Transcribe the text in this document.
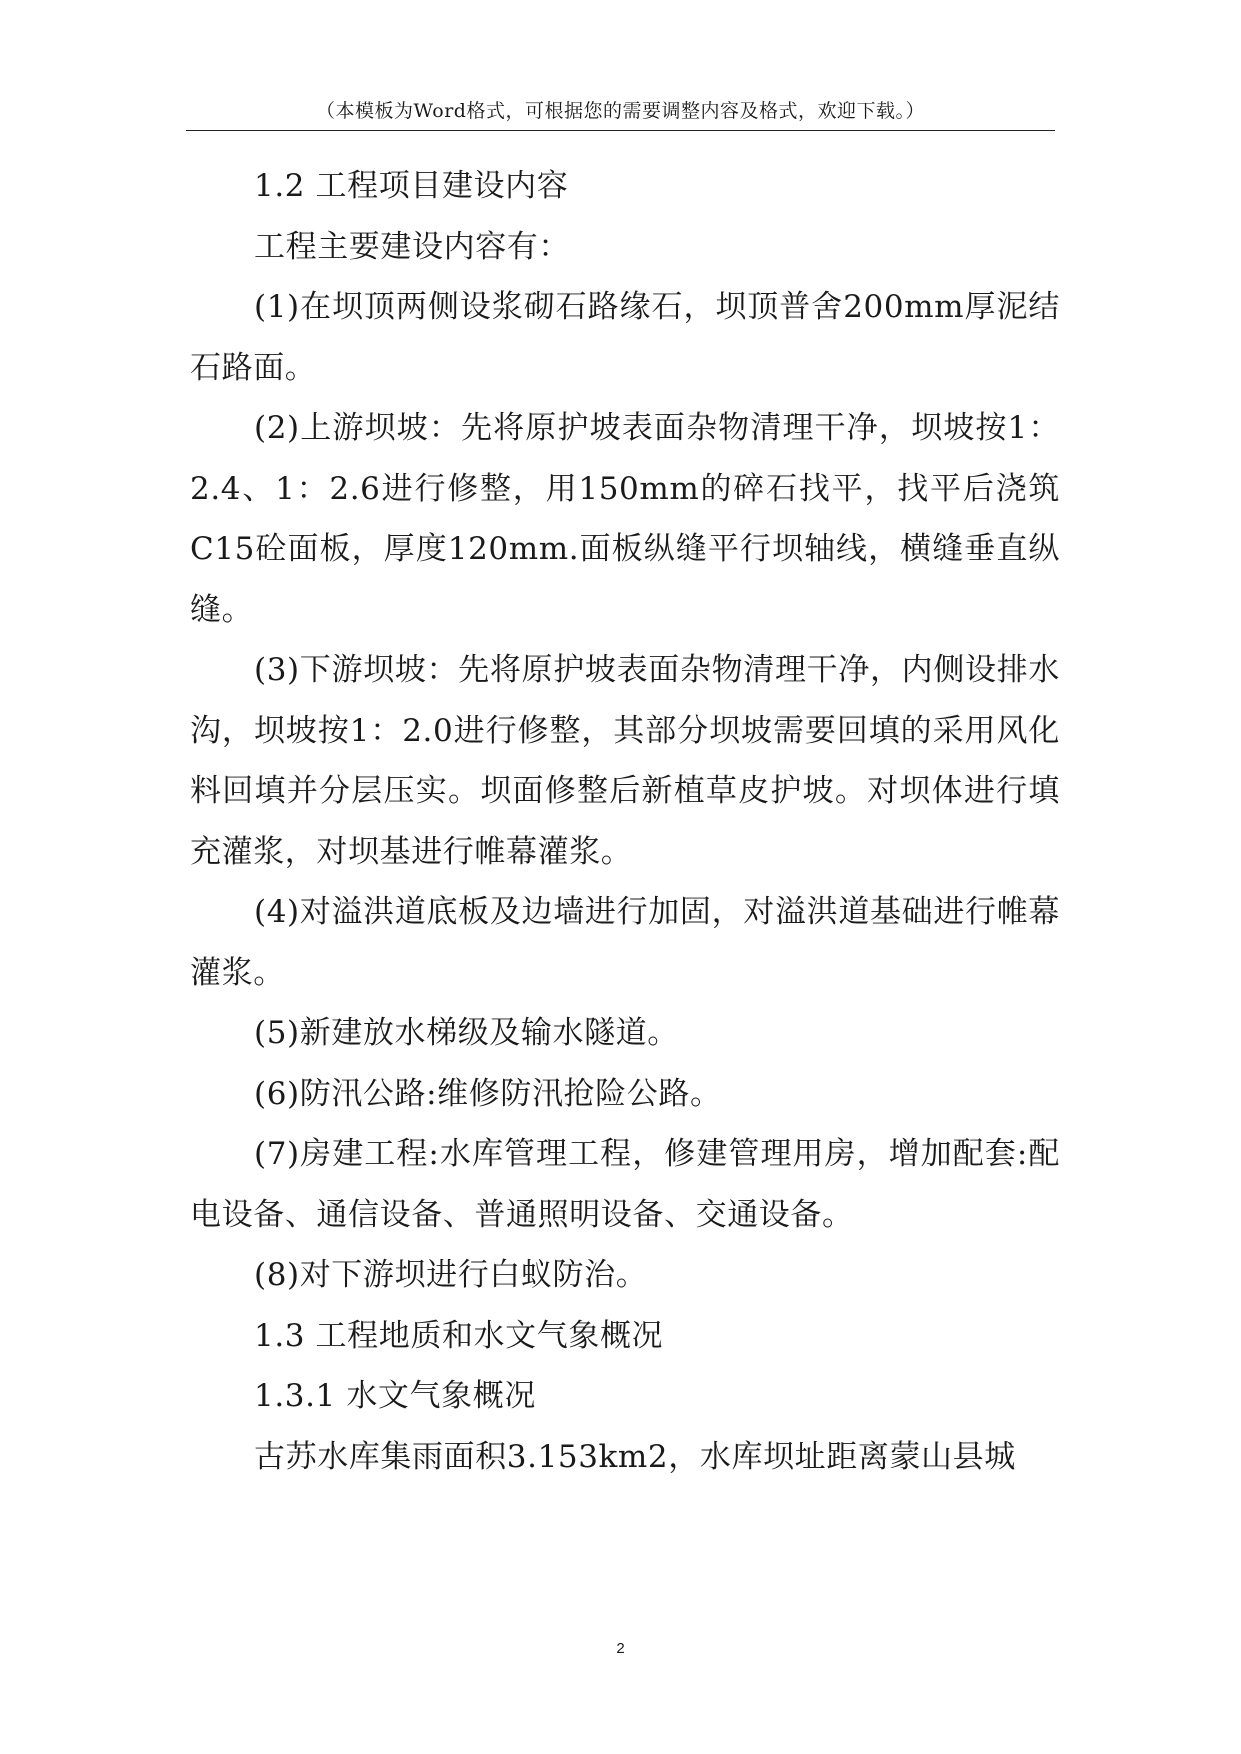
（本模板为Word格式，可根据您的需要调整内容及格式，欢迎下载。）

1.2 工程项目建设内容

工程主要建设内容有：

(1)在坝顶两侧设浆砌石路缘石，坝顶普舍200mm厚泥结石路面。

(2)上游坝坡：先将原护坡表面杂物清理干净，坝坡按1：2.4、1：2.6进行修整，用150mm的碎石找平，找平后浇筑C15砼面板，厚度120mm.面板纵缝平行坝轴线，横缝垂直纵缝。

(3)下游坝坡：先将原护坡表面杂物清理干净，内侧设排水沟，坝坡按1：2.0进行修整，其部分坝坡需要回填的采用风化料回填并分层压实。坝面修整后新植草皮护坡。对坝体进行填充灌浆，对坝基进行帷幕灌浆。

(4)对溢洪道底板及边墙进行加固，对溢洪道基础进行帷幕灌浆。

(5)新建放水梯级及输水隧道。

(6)防汛公路:维修防汛抢险公路。

(7)房建工程:水库管理工程，修建管理用房，增加配套:配电设备、通信设备、普通照明设备、交通设备。

(8)对下游坝进行白蚁防治。

1.3 工程地质和水文气象概况

1.3.1 水文气象概况

古苏水库集雨面积3.153km2，水库坝址距离蒙山县城

2
